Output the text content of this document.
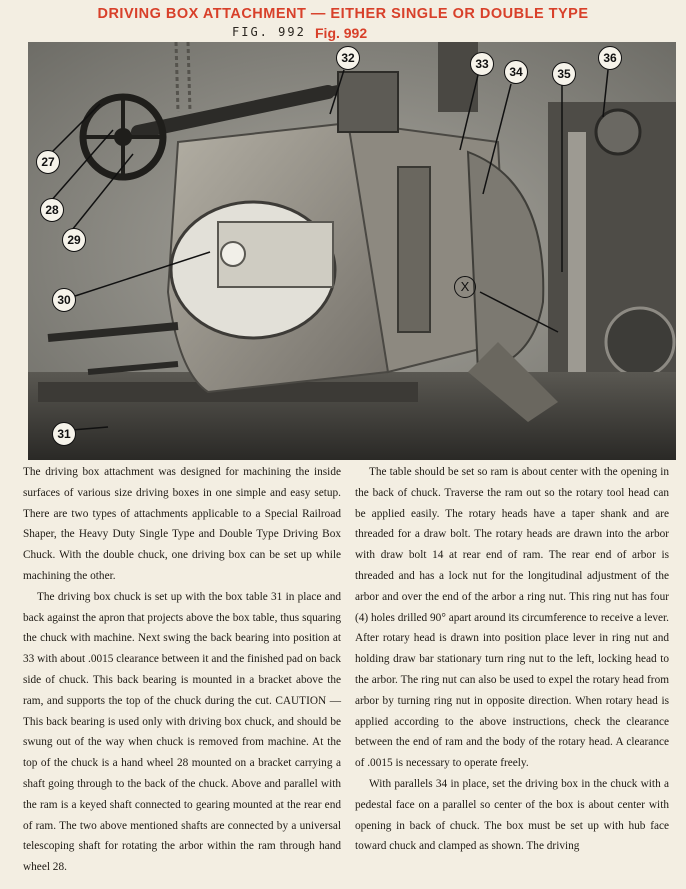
DRIVING BOX ATTACHMENT — EITHER SINGLE OR DOUBLE TYPE
FIG. 992 Fig. 992
27
28
29
30
31
32	33
34	35
36
X

The driving box attachment was designed for machining the inside surfaces of various size driving boxes in one simple and easy setup. There are two types of attachments applicable to a Special Railroad Shaper, the Heavy Duty Single Type and Double Type Driving Box Chuck. With the double chuck, one driving box can be set up while machining the other.

The driving box chuck is set up with the box table 31 in place and back against the apron that projects above the box table, thus squaring the chuck with machine. Next swing the back bearing into position at 33 with about .0015 clearance between it and the finished pad on back side of chuck. This back bearing is mounted in a bracket above the ram, and supports the top of the chuck during the cut. CAUTION — This back bearing is used only with driving box chuck, and should be swung out of the way when chuck is removed from machine. At the top of the chuck is a hand wheel 28 mounted on a bracket carrying a shaft going through to the back of the chuck. Above and parallel with the ram is a keyed shaft connected to gearing mounted at the rear end of ram. The two above mentioned shafts are connected by a universal telescoping shaft for rotating the arbor within the ram through hand wheel 28.

The table should be set so ram is about center with the opening in the back of chuck. Traverse the ram out so the rotary tool head can be applied easily. The rotary heads have a taper shank and are threaded for a draw bolt. The rotary heads are drawn into the arbor with draw bolt 14 at rear end of ram. The rear end of arbor is threaded and has a lock nut for the longitudinal adjustment of the arbor and over the end of the arbor a ring nut. This ring nut has four (4) holes drilled 90° apart around its circumference to receive a lever. After rotary head is drawn into position place lever in ring nut and holding draw bar stationary turn ring nut to the left, locking head to the arbor. The ring nut can also be used to expel the rotary head from arbor by turning ring nut in opposite direction. When rotary head is applied according to the above instructions, check the clearance between the end of ram and the body of the rotary head. A clearance of .0015 is necessary to operate freely.

With parallels 34 in place, set the driving box in the chuck with a pedestal face on a parallel so center of the box is about center with opening in back of chuck. The box must be set up with hub face toward chuck and clamped as shown. The driving
